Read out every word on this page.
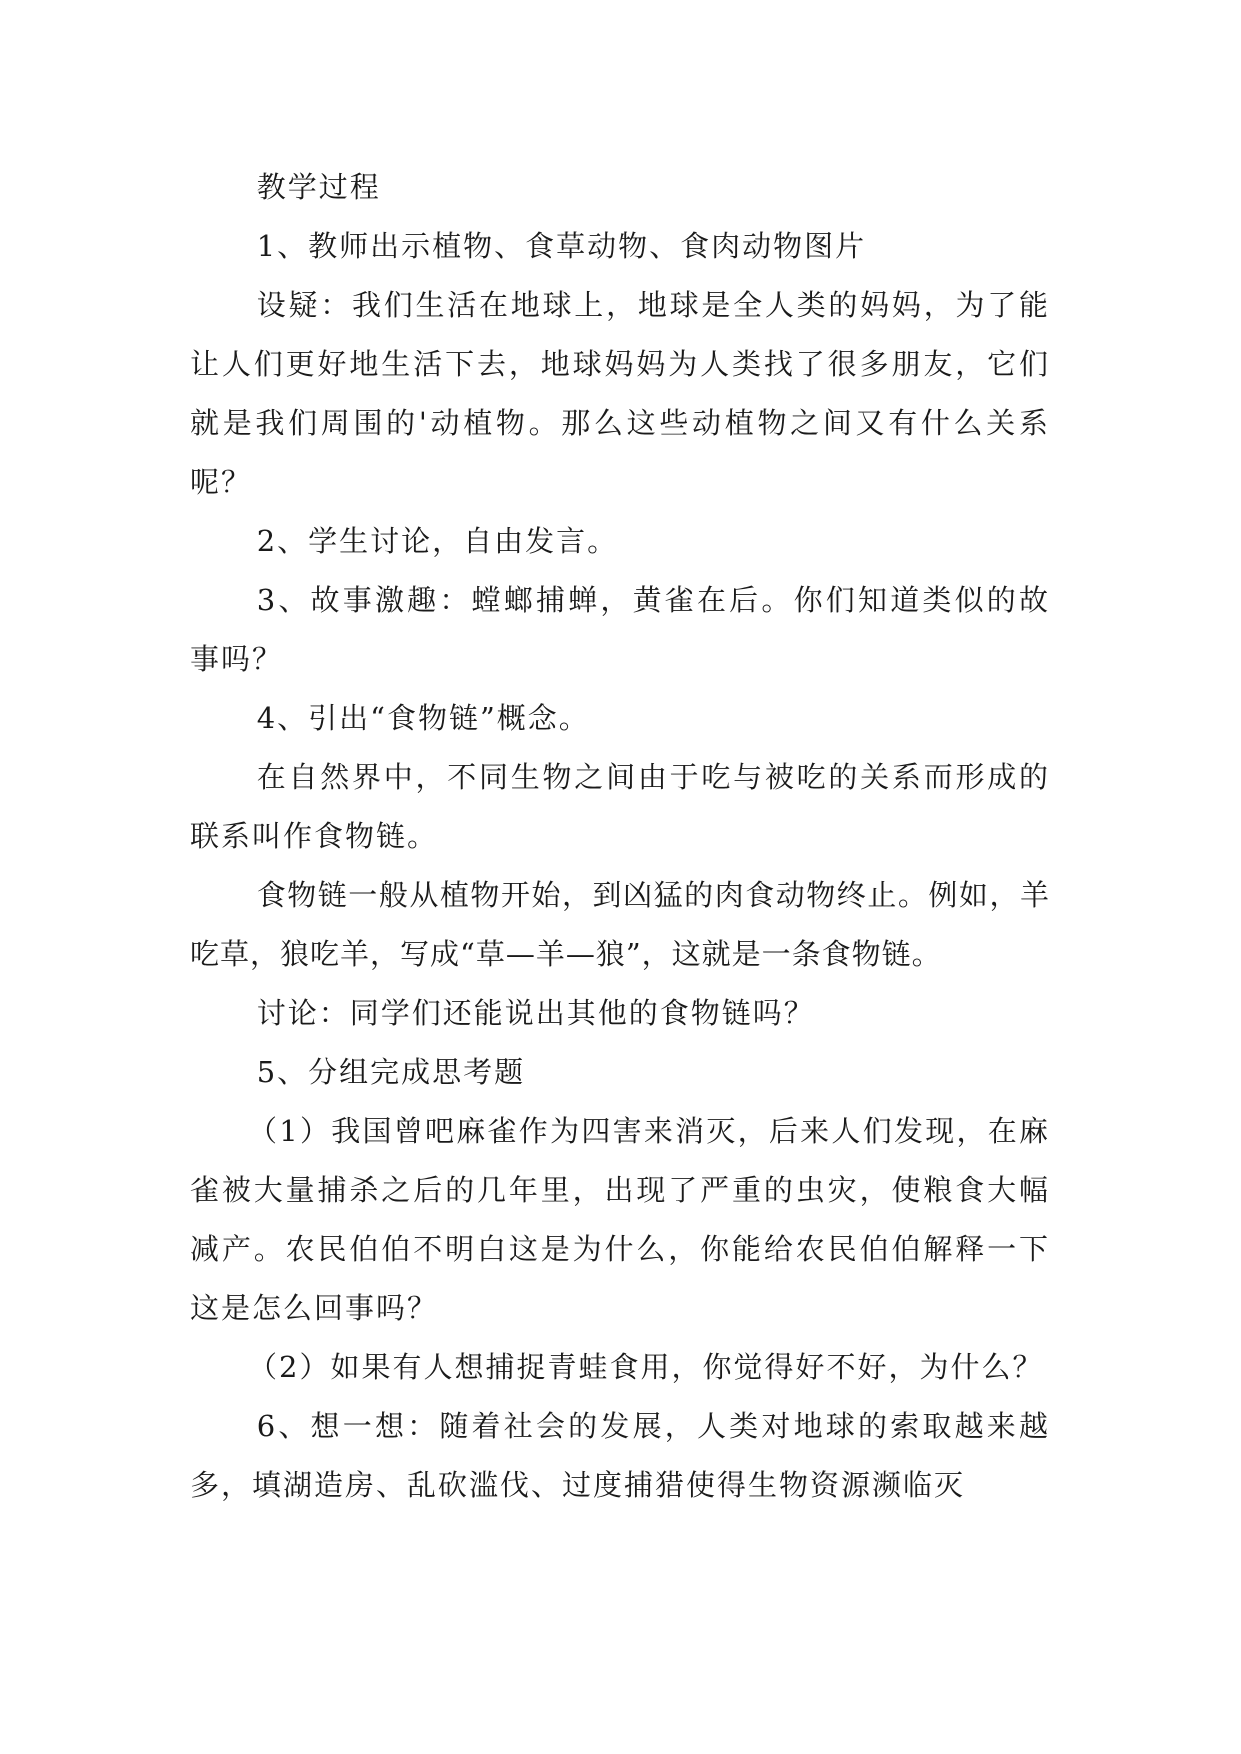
教学过程

1、教师出示植物、食草动物、食肉动物图片

设疑：我们生活在地球上，地球是全人类的妈妈，为了能让人们更好地生活下去，地球妈妈为人类找了很多朋友，它们就是我们周围的'动植物。那么这些动植物之间又有什么关系呢？

2、学生讨论，自由发言。

3、故事激趣：螳螂捕蝉，黄雀在后。你们知道类似的故事吗？

4、引出“食物链”概念。

在自然界中，不同生物之间由于吃与被吃的关系而形成的联系叫作食物链。

食物链一般从植物开始，到凶猛的肉食动物终止。例如，羊吃草，狼吃羊，写成“草—羊—狼”，这就是一条食物链。

讨论：同学们还能说出其他的食物链吗？

5、分组完成思考题

（1）我国曾吧麻雀作为四害来消灭，后来人们发现，在麻雀被大量捕杀之后的几年里，出现了严重的虫灾，使粮食大幅减产。农民伯伯不明白这是为什么，你能给农民伯伯解释一下这是怎么回事吗？

（2）如果有人想捕捉青蛙食用，你觉得好不好，为什么？

6、想一想：随着社会的发展，人类对地球的索取越来越多，填湖造房、乱砍滥伐、过度捕猎使得生物资源濒临灭
